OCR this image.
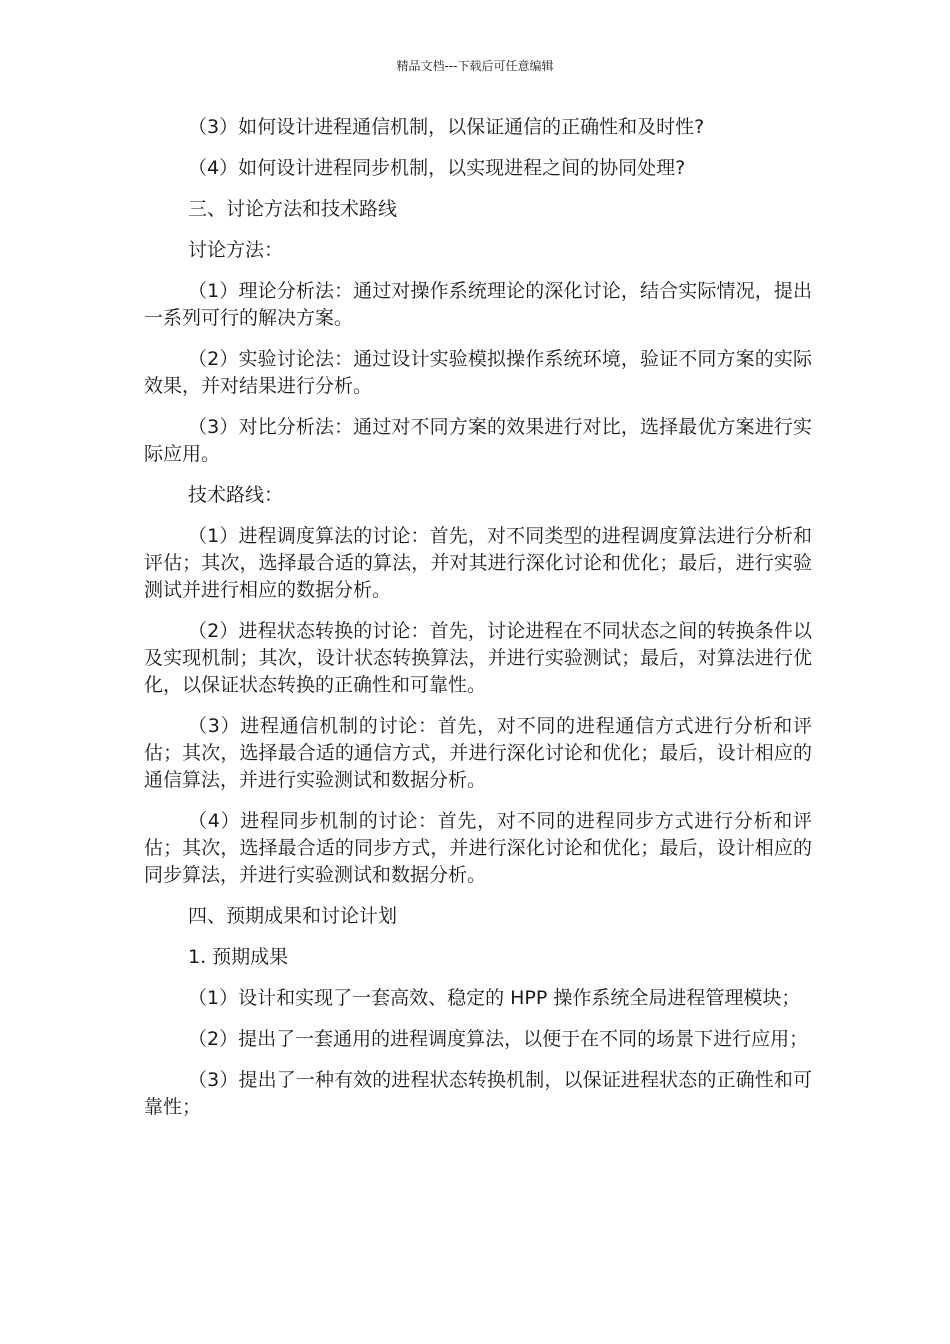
精品文档---下载后可任意编辑

（3）如何设计进程通信机制，以保证通信的正确性和及时性?

（4）如何设计进程同步机制，以实现进程之间的协同处理?

三、讨论方法和技术路线

讨论方法：

（1）理论分析法：通过对操作系统理论的深化讨论，结合实际情况，提出一系列可行的解决方案。

（2）实验讨论法：通过设计实验模拟操作系统环境，验证不同方案的实际效果，并对结果进行分析。

（3）对比分析法：通过对不同方案的效果进行对比，选择最优方案进行实际应用。

技术路线：

（1）进程调度算法的讨论：首先，对不同类型的进程调度算法进行分析和评估；其次，选择最合适的算法，并对其进行深化讨论和优化；最后，进行实验测试并进行相应的数据分析。

（2）进程状态转换的讨论：首先，讨论进程在不同状态之间的转换条件以及实现机制；其次，设计状态转换算法，并进行实验测试；最后，对算法进行优化，以保证状态转换的正确性和可靠性。

（3）进程通信机制的讨论：首先，对不同的进程通信方式进行分析和评估；其次，选择最合适的通信方式，并进行深化讨论和优化；最后，设计相应的通信算法，并进行实验测试和数据分析。

（4）进程同步机制的讨论：首先，对不同的进程同步方式进行分析和评估；其次，选择最合适的同步方式，并进行深化讨论和优化；最后，设计相应的同步算法，并进行实验测试和数据分析。

四、预期成果和讨论计划

1. 预期成果

（1）设计和实现了一套高效、稳定的 HPP 操作系统全局进程管理模块；

（2）提出了一套通用的进程调度算法，以便于在不同的场景下进行应用；

（3）提出了一种有效的进程状态转换机制，以保证进程状态的正确性和可靠性；
